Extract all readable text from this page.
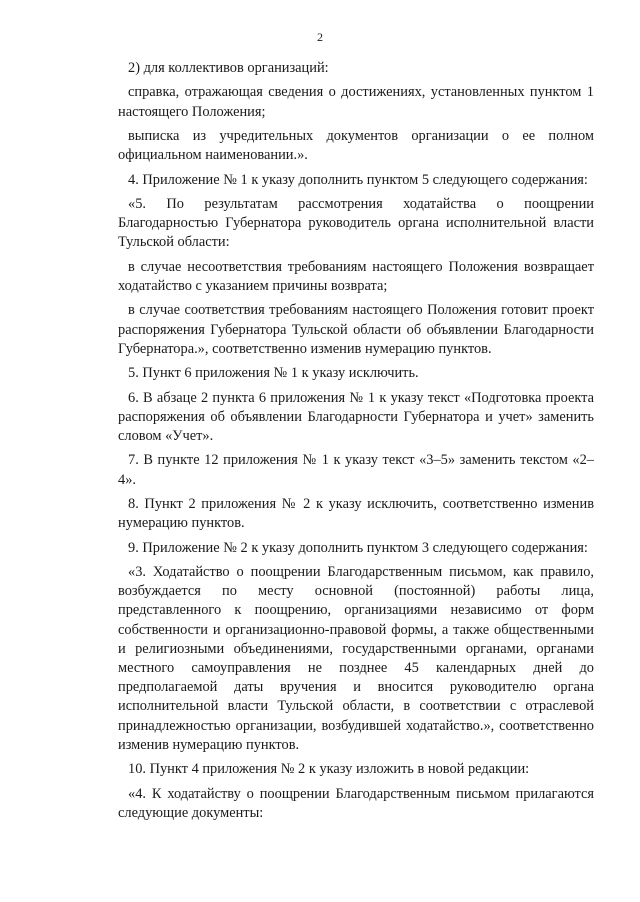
2

2) для коллективов организаций:

справка, отражающая сведения о достижениях, установленных пунктом 1 настоящего Положения;

выписка из учредительных документов организации о ее полном официальном наименовании.».

4. Приложение № 1 к указу дополнить пунктом 5 следующего содержания:

«5. По результатам рассмотрения ходатайства о поощрении Благодарностью Губернатора руководитель органа исполнительной власти Тульской области:

в случае несоответствия требованиям настоящего Положения возвращает ходатайство с указанием причины возврата;

в случае соответствия требованиям настоящего Положения готовит проект распоряжения Губернатора Тульской области об объявлении Благодарности Губернатора.», соответственно изменив нумерацию пунктов.

5. Пункт 6 приложения № 1 к указу исключить.

6. В абзаце 2 пункта 6 приложения № 1 к указу текст «Подготовка проекта распоряжения об объявлении Благодарности Губернатора и учет» заменить словом «Учет».

7. В пункте 12 приложения № 1 к указу текст «3–5» заменить текстом «2–4».

8. Пункт 2 приложения № 2 к указу исключить, соответственно изменив нумерацию пунктов.

9. Приложение № 2 к указу дополнить пунктом 3 следующего содержания:

«3. Ходатайство о поощрении Благодарственным письмом, как правило, возбуждается по месту основной (постоянной) работы лица, представленного к поощрению, организациями независимо от форм собственности и организационно-правовой формы, а также общественными и религиозными объединениями, государственными органами, органами местного самоуправления не позднее 45 календарных дней до предполагаемой даты вручения и вносится руководителю органа исполнительной власти Тульской области, в соответствии с отраслевой принадлежностью организации, возбудившей ходатайство.», соответственно изменив нумерацию пунктов.

10. Пункт 4 приложения № 2 к указу изложить в новой редакции:

«4. К ходатайству о поощрении Благодарственным письмом прилагаются следующие документы:
